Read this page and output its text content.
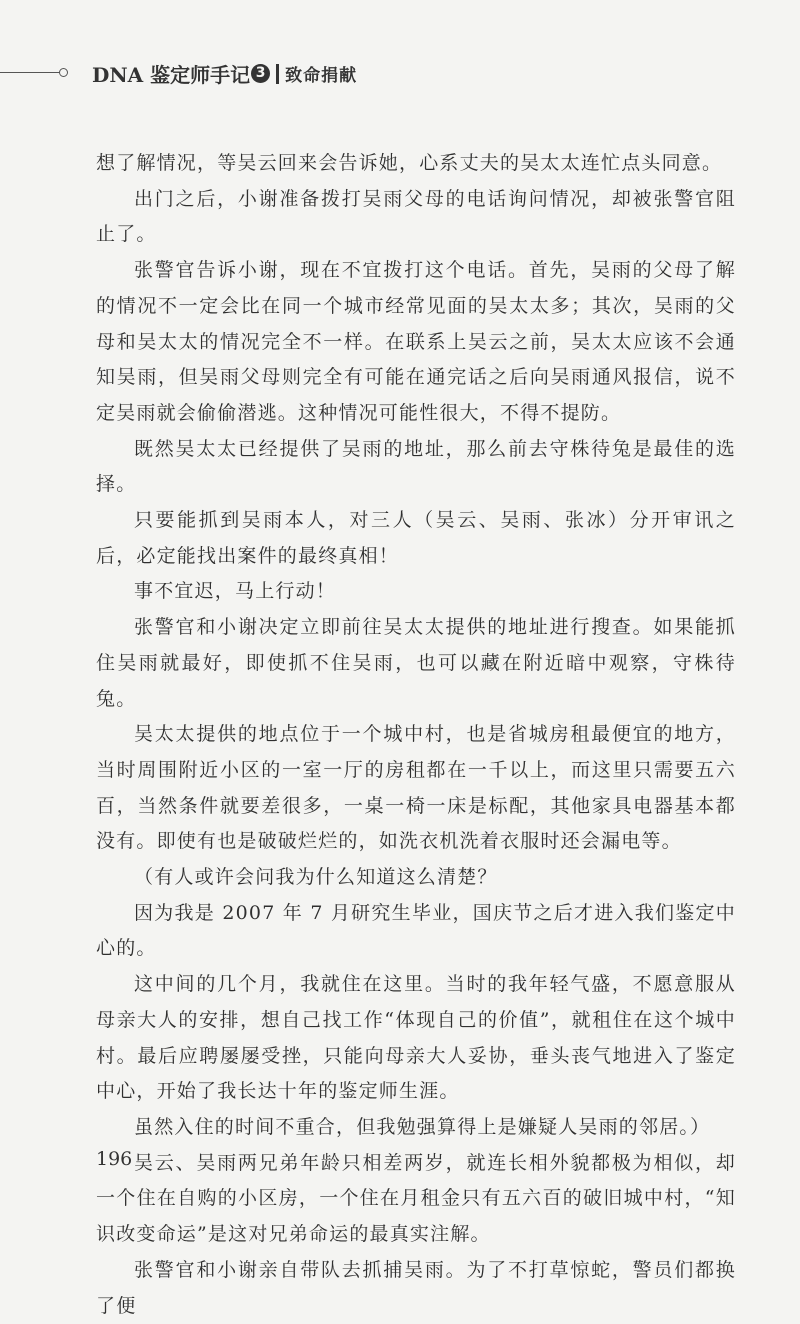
DNA 鉴定师手记 3 致命捐献

想了解情况，等吴云回来会告诉她，心系丈夫的吴太太连忙点头同意。

出门之后，小谢准备拨打吴雨父母的电话询问情况，却被张警官阻止了。

张警官告诉小谢，现在不宜拨打这个电话。首先，吴雨的父母了解的情况不一定会比在同一个城市经常见面的吴太太多；其次，吴雨的父母和吴太太的情况完全不一样。在联系上吴云之前，吴太太应该不会通知吴雨，但吴雨父母则完全有可能在通完话之后向吴雨通风报信，说不定吴雨就会偷偷潜逃。这种情况可能性很大，不得不提防。

既然吴太太已经提供了吴雨的地址，那么前去守株待兔是最佳的选择。

只要能抓到吴雨本人，对三人（吴云、吴雨、张冰）分开审讯之后，必定能找出案件的最终真相！

事不宜迟，马上行动！

张警官和小谢决定立即前往吴太太提供的地址进行搜查。如果能抓住吴雨就最好，即使抓不住吴雨，也可以藏在附近暗中观察，守株待兔。

吴太太提供的地点位于一个城中村，也是省城房租最便宜的地方，当时周围附近小区的一室一厅的房租都在一千以上，而这里只需要五六百，当然条件就要差很多，一桌一椅一床是标配，其他家具电器基本都没有。即使有也是破破烂烂的，如洗衣机洗着衣服时还会漏电等。

（有人或许会问我为什么知道这么清楚？

因为我是 2007 年 7 月研究生毕业，国庆节之后才进入我们鉴定中心的。

这中间的几个月，我就住在这里。当时的我年轻气盛，不愿意服从母亲大人的安排，想自己找工作“体现自己的价值”，就租住在这个城中村。最后应聘屡屡受挫，只能向母亲大人妥协，垂头丧气地进入了鉴定中心，开始了我长达十年的鉴定师生涯。

虽然入住的时间不重合，但我勉强算得上是嫌疑人吴雨的邻居。）

吴云、吴雨两兄弟年龄只相差两岁，就连长相外貌都极为相似，却一个住在自购的小区房，一个住在月租金只有五六百的破旧城中村，“知识改变命运”是这对兄弟命运的最真实注解。

张警官和小谢亲自带队去抓捕吴雨。为了不打草惊蛇，警员们都换了便

196
